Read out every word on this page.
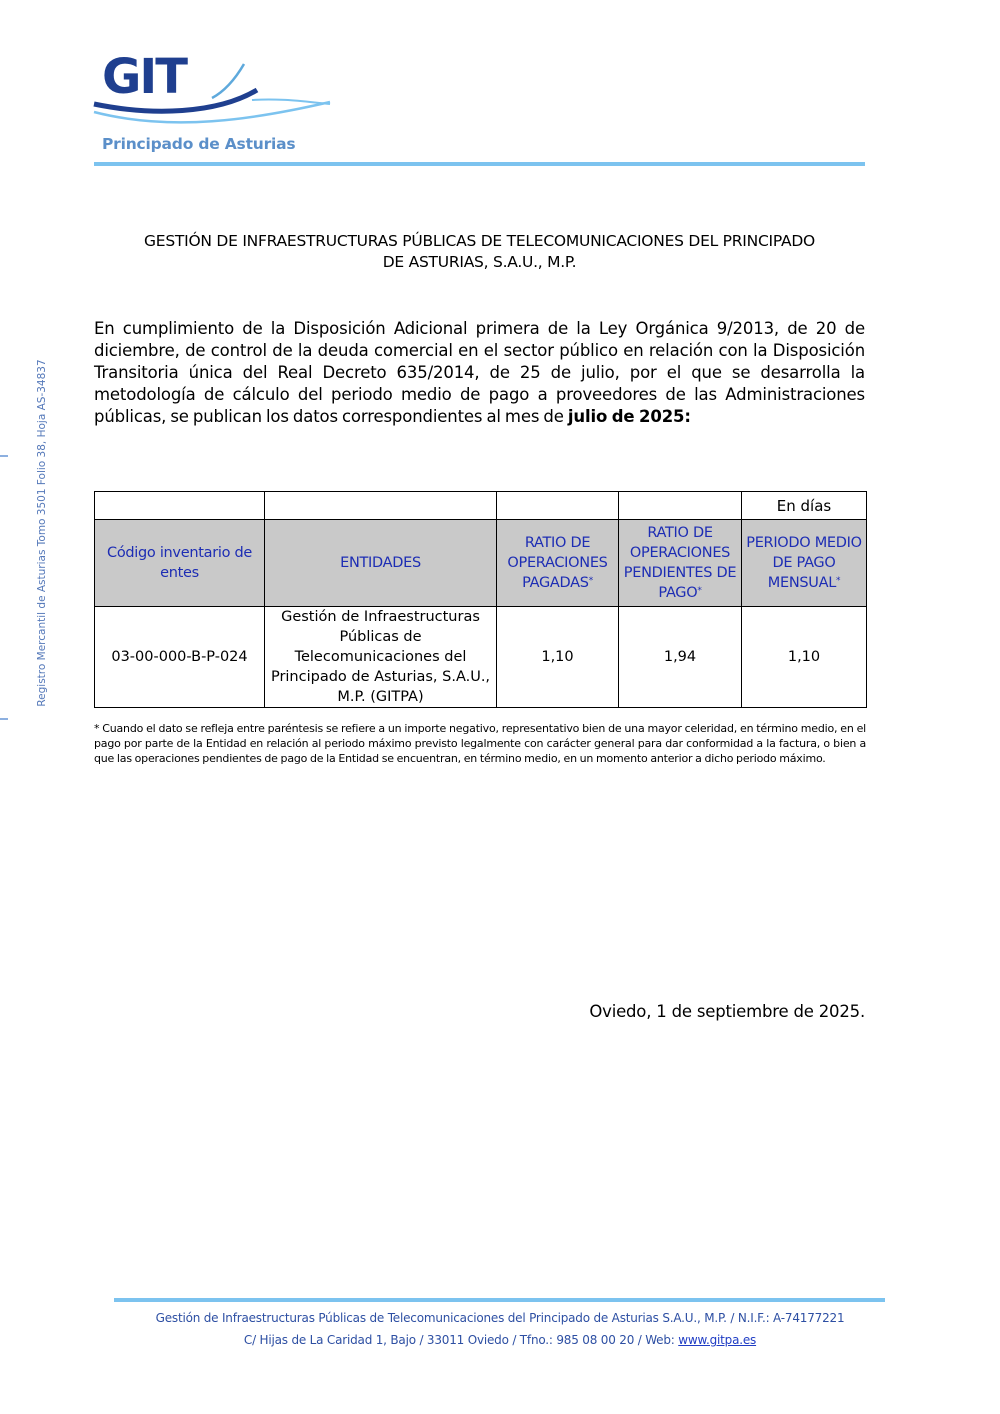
GIT
Principado de Asturias
Registro Mercantil de Asturias Tomo 3501 Folio 38, Hoja AS-34837
GESTIÓN DE INFRAESTRUCTURAS PÚBLICAS DE TELECOMUNICACIONES DEL PRINCIPADO
DE ASTURIAS, S.A.U., M.P.
En cumplimiento de la Disposición Adicional primera de la Ley Orgánica 9/2013, de 20 de diciembre, de control de la deuda comercial en el sector público en relación con la Disposición Transitoria única del Real Decreto 635/2014, de 25 de julio, por el que se desarrolla la metodología de cálculo del periodo medio de pago a proveedores de las Administraciones públicas, se publican los datos correspondientes al mes de julio de 2025:
				En días
Código inventario de entes	ENTIDADES	RATIO DE OPERACIONES PAGADAS*	RATIO DE OPERACIONES PENDIENTES DE PAGO*	PERIODO MEDIO DE PAGO MENSUAL*
03-00-000-B-P-024	Gestión de Infraestructuras Públicas de Telecomunicaciones del Principado de Asturias, S.A.U., M.P. (GITPA)	1,10	1,94	1,10
* Cuando el dato se refleja entre paréntesis se refiere a un importe negativo, representativo bien de una mayor celeridad, en término medio, en el pago por parte de la Entidad en relación al periodo máximo previsto legalmente con carácter general para dar conformidad a la factura, o bien a que las operaciones pendientes de pago de la Entidad se encuentran, en término medio, en un momento anterior a dicho periodo máximo.
Oviedo, 1 de septiembre de 2025.
Gestión de Infraestructuras Públicas de Telecomunicaciones del Principado de Asturias S.A.U., M.P. / N.I.F.: A-74177221
C/ Hijas de La Caridad 1, Bajo / 33011 Oviedo / Tfno.: 985 08 00 20 / Web: www.gitpa.es
